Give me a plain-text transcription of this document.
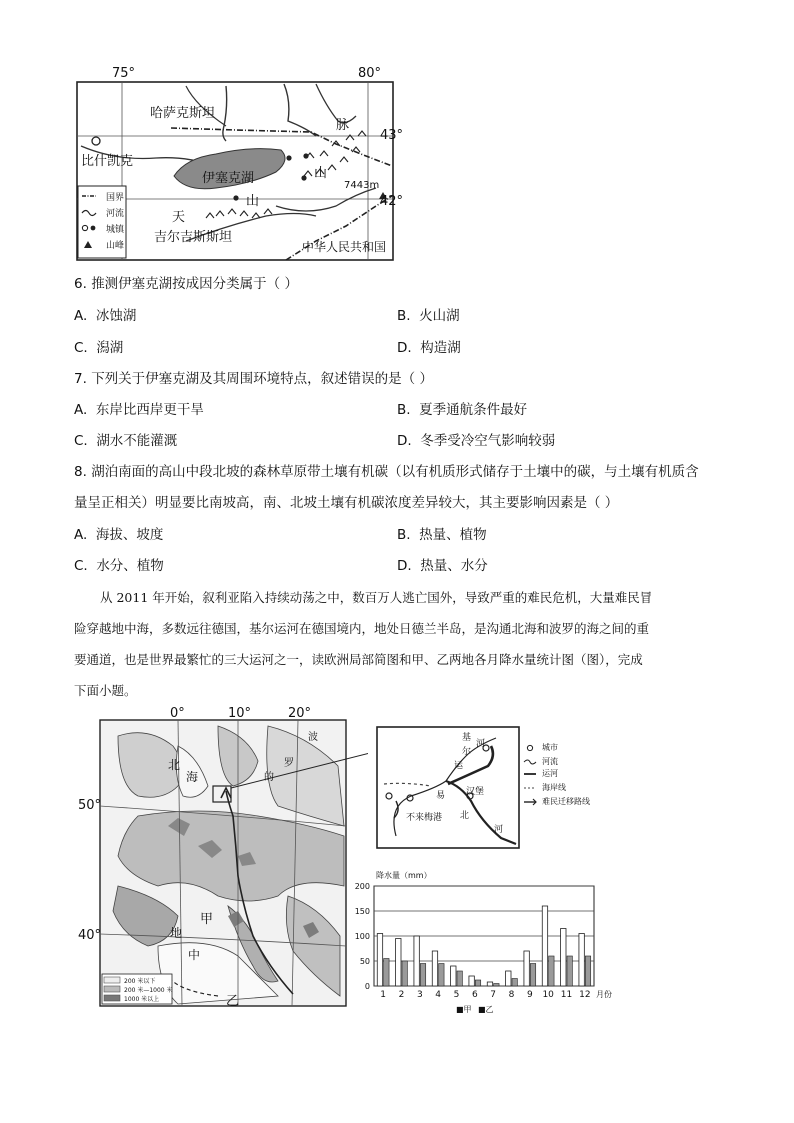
75°	80°
43°
42°
哈萨克斯坦
比什凯克
伊塞克湖
脉
山
天
山
7443m
吉尔吉斯斯坦
中华人民共和国
国界
河流
城镇
山峰
6. 推测伊塞克湖按成因分类属于（ ）
A. 冰蚀湖	B. 火山湖
C. 潟湖	D. 构造湖
7. 下列关于伊塞克湖及其周围环境特点，叙述错误的是（ ）
A. 东岸比西岸更干旱	B. 夏季通航条件最好
C. 湖水不能灌溉	D. 冬季受冷空气影响较弱
8. 湖泊南面的高山中段北坡的森林草原带土壤有机碳（以有机质形式储存于土壤中的碳，与土壤有机质含
量呈正相关）明显要比南坡高，南、北坡土壤有机碳浓度差异较大，其主要影响因素是（ ）
A. 海拔、坡度	B. 热量、植物
C. 水分、植物	D. 热量、水分
从 2011 年开始，叙利亚陷入持续动荡之中，数百万人逃亡国外，导致严重的难民危机，大量难民冒
险穿越地中海，多数远往德国，基尔运河在德国境内，地处日德兰半岛，是沟通北海和波罗的海之间的重
要通道，也是世界最繁忙的三大运河之一，读欧洲局部简图和甲、乙两地各月降水量统计图（图），完成
下面小题。
0°	10°	20°
50°
40°
北
海
波
罗
的
地
中
甲
乙
200 米以下
200 米—1000 米
1000 米以上
基
尔
运
河
易 汉堡
北
不来梅港
河
城市
河流
运河
海岸线
难民迁移路线
0
50
100
150
200
降水量（mm）
1 2 3 4 5 6 7 8 9 10 11 12 月份
■甲 ■乙
